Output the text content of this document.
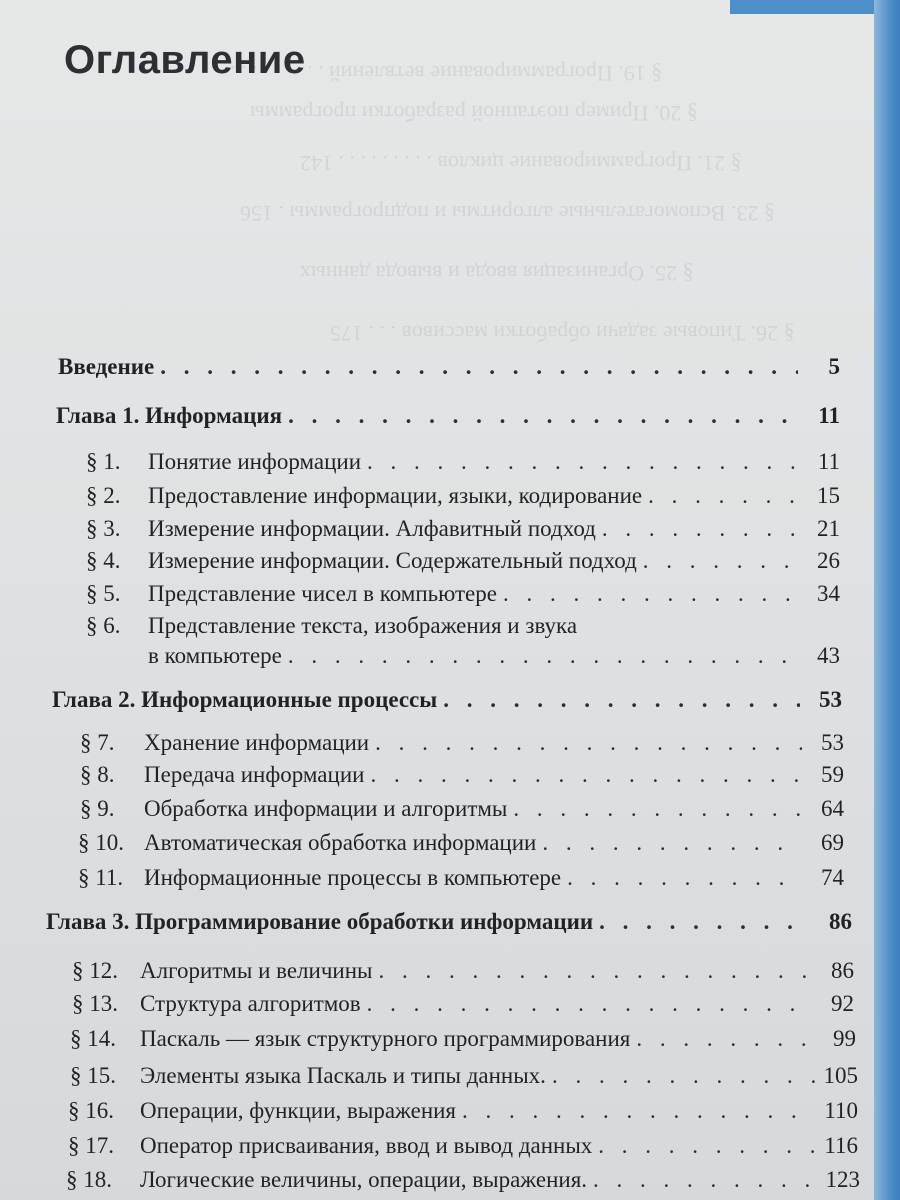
§ 19. Программирование ветвлений . . . . . . . . .
§ 20. Пример поэтапной разработки программы
§ 21. Программирование циклов . . . . . . . . . 142
§ 23. Вспомогательные алгоритмы и подпрограммы . 156
§ 25. Организация ввода и вывода данных
§ 26. Типовые задачи обработки массивов . . . 175
Оглавление
Введение . . .	5
Глава 1. Информация . . .	11
§ 1.	Понятие информации . . .	11
§ 2.	Предоставление информации, языки, кодирование . . .	15
§ 3.	Измерение информации. Алфавитный подход . . .	21
§ 4.	Измерение информации. Содержательный подход . . .	26
§ 5.	Представление чисел в компьютере . . .	34
§ 6.	Представление текста, изображения и звука
в компьютере . . .	43
Глава 2. Информационные процессы . . .	53
§ 7.	Хранение информации . . .	53
§ 8.	Передача информации . . .	59
§ 9.	Обработка информации и алгоритмы . . .	64
§ 10. Автоматическая обработка информации . . .	69
§ 11. Информационные процессы в компьютере . . .	74
Глава 3. Программирование обработки информации . . .	86
§ 12. Алгоритмы и величины . . .	86
§ 13. Структура алгоритмов . . .	92
§ 14.	Паскаль — язык структурного программирования . . .	99
§ 15.	Элементы языка Паскаль и типы данных. . . .	105
§ 16.	Операции, функции, выражения . . .	110
§ 17.	Оператор присваивания, ввод и вывод данных . . .	116
§ 18.	Логические величины, операции, выражения. . . .	123
